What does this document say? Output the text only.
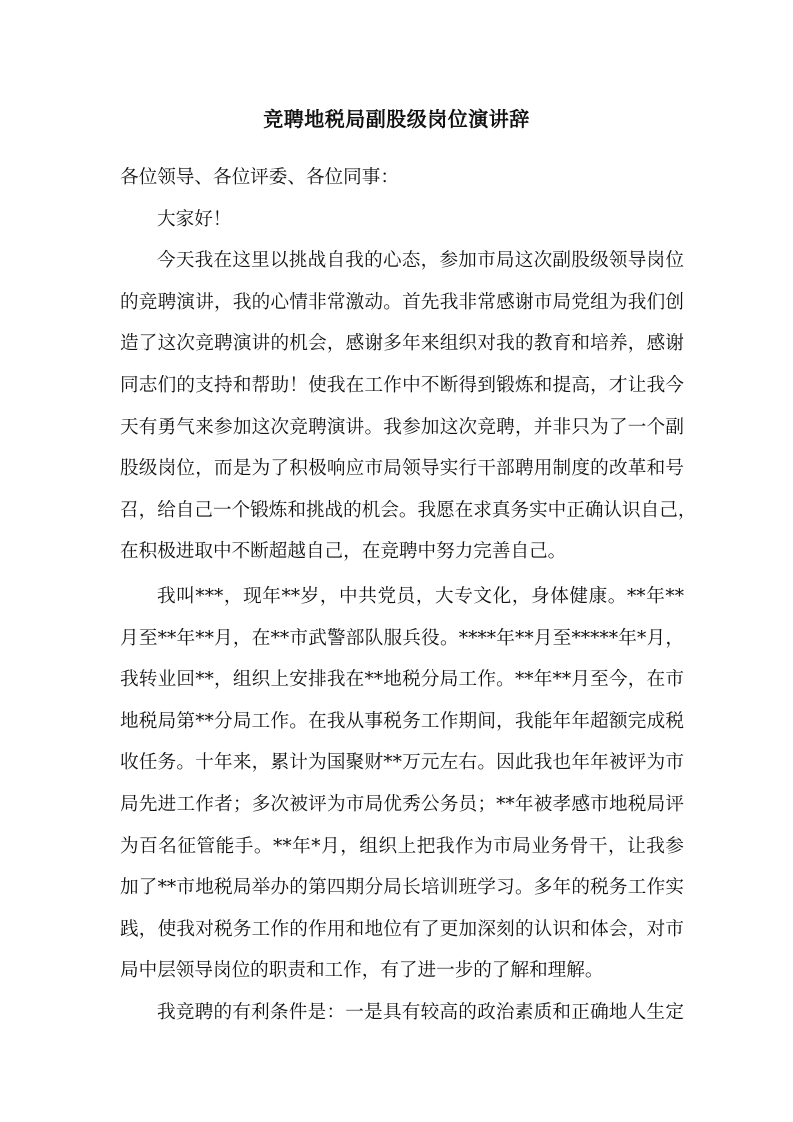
竞聘地税局副股级岗位演讲辞
各位领导、各位评委、各位同事：
大家好！
今天我在这里以挑战自我的心态，参加市局这次副股级领导岗位
的竞聘演讲，我的心情非常激动。首先我非常感谢市局党组为我们创
造了这次竞聘演讲的机会，感谢多年来组织对我的教育和培养，感谢
同志们的支持和帮助！使我在工作中不断得到锻炼和提高，才让我今
天有勇气来参加这次竞聘演讲。我参加这次竞聘，并非只为了一个副
股级岗位，而是为了积极响应市局领导实行干部聘用制度的改革和号
召，给自己一个锻炼和挑战的机会。我愿在求真务实中正确认识自己，
在积极进取中不断超越自己，在竞聘中努力完善自己。
我叫***，现年**岁，中共党员，大专文化，身体健康。**年**
月至**年**月，在**市武警部队服兵役。****年**月至*****年*月，
我转业回**，组织上安排我在**地税分局工作。**年**月至今，在市
地税局第**分局工作。在我从事税务工作期间，我能年年超额完成税
收任务。十年来，累计为国聚财**万元左右。因此我也年年被评为市
局先进工作者；多次被评为市局优秀公务员；**年被孝感市地税局评
为百名征管能手。**年*月，组织上把我作为市局业务骨干，让我参
加了**市地税局举办的第四期分局长培训班学习。多年的税务工作实
践，使我对税务工作的作用和地位有了更加深刻的认识和体会，对市
局中层领导岗位的职责和工作，有了进一步的了解和理解。
我竞聘的有利条件是：一是具有较高的政治素质和正确地人生定
